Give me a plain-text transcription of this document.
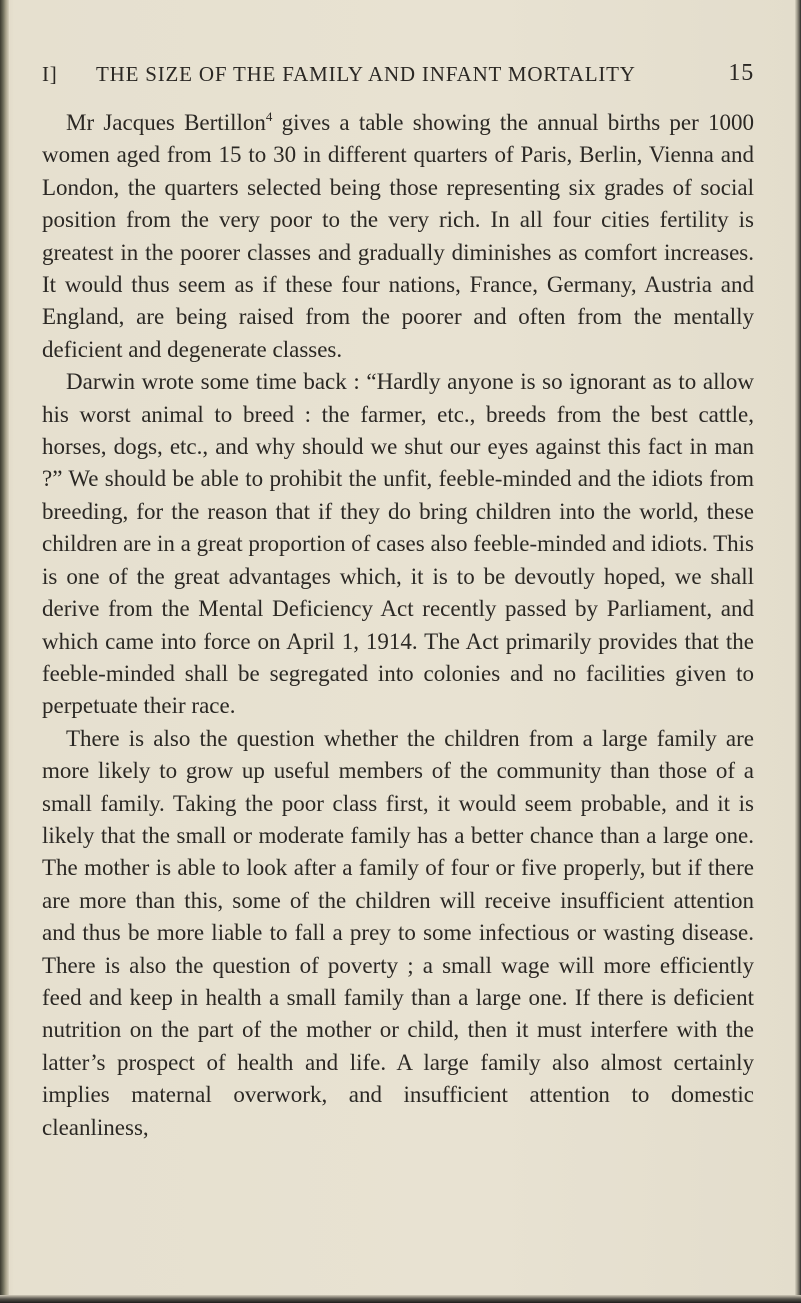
I] THE SIZE OF THE FAMILY AND INFANT MORTALITY	15

Mr Jacques Bertillon$^4$ gives a table showing the annual births per 1000 women aged from 15 to 30 in different quarters of Paris, Berlin, Vienna and London, the quarters selected being those representing six grades of social position from the very poor to the very rich. In all four cities fertility is greatest in the poorer classes and gradually diminishes as comfort increases. It would thus seem as if these four nations, France, Germany, Austria and England, are being raised from the poorer and often from the mentally deficient and degenerate classes.

Darwin wrote some time back : “Hardly anyone is so ignorant as to allow his worst animal to breed : the farmer, etc., breeds from the best cattle, horses, dogs, etc., and why should we shut our eyes against this fact in man ?” We should be able to prohibit the unfit, feeble-minded and the idiots from breeding, for the reason that if they do bring children into the world, these children are in a great proportion of cases also feeble-minded and idiots. This is one of the great advantages which, it is to be devoutly hoped, we shall derive from the Mental Deficiency Act recently passed by Parliament, and which came into force on April 1, 1914. The Act primarily provides that the feeble-minded shall be segregated into colonies and no facilities given to perpetuate their race.

There is also the question whether the children from a large family are more likely to grow up useful members of the community than those of a small family. Taking the poor class first, it would seem probable, and it is likely that the small or moderate family has a better chance than a large one. The mother is able to look after a family of four or five properly, but if there are more than this, some of the children will receive insufficient attention and thus be more liable to fall a prey to some infectious or wasting disease. There is also the question of poverty ; a small wage will more efficiently feed and keep in health a small family than a large one. If there is deficient nutrition on the part of the mother or child, then it must interfere with the latter’s prospect of health and life. A large family also almost certainly implies maternal overwork, and insufficient attention to domestic cleanliness,
